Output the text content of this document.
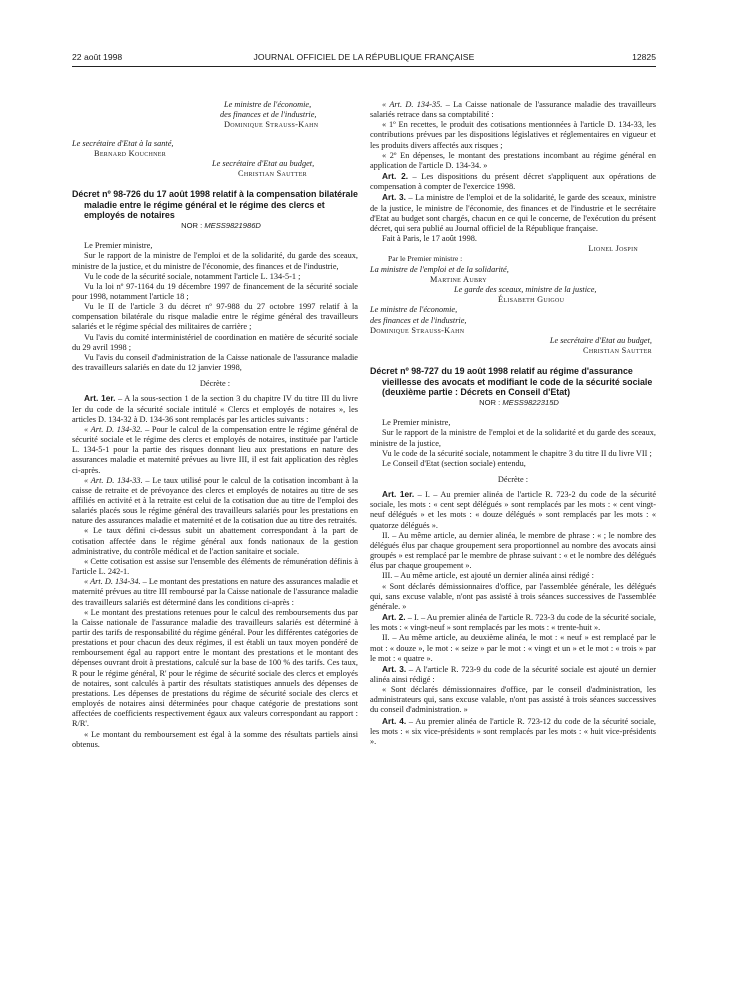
22 août 1998	JOURNAL OFFICIEL DE LA RÉPUBLIQUE FRANÇAISE	12825
Le ministre de l'économie,
des finances et de l'industrie,
Dominique Strauss-Kahn
Le secrétaire d'Etat à la santé,
Bernard Kouchner
Le secrétaire d'Etat au budget,
Christian Sautter
Décret nº 98-726 du 17 août 1998 relatif à la compensation bilatérale maladie entre le régime général et le régime des clercs et employés de notaires
NOR : MESS9821986D
Le Premier ministre,
Sur le rapport de la ministre de l'emploi et de la solidarité, du garde des sceaux, ministre de la justice, et du ministre de l'économie, des finances et de l'industrie,
Vu le code de la sécurité sociale, notamment l'article L. 134-5-1 ;
Vu la loi nº 97-1164 du 19 décembre 1997 de financement de la sécurité sociale pour 1998, notamment l'article 18 ;
Vu le II de l'article 3 du décret nº 97-988 du 27 octobre 1997 relatif à la compensation bilatérale du risque maladie entre le régime général des travailleurs salariés et le régime spécial des militaires de carrière ;
Vu l'avis du comité interministériel de coordination en matière de sécurité sociale du 29 avril 1998 ;
Vu l'avis du conseil d'administration de la Caisse nationale de l'assurance maladie des travailleurs salariés en date du 12 janvier 1998,
Décrète :
Art. 1er. – A la sous-section 1 de la section 3 du chapitre IV du titre III du livre Ier du code de la sécurité sociale intitulé « Clercs et employés de notaires », les articles D. 134-32 à D. 134-36 sont remplacés par les articles suivants :
« Art. D. 134-32. – Pour le calcul de la compensation entre le régime général de sécurité sociale et le régime des clercs et employés de notaires, instituée par l'article L. 134-5-1 pour la partie des risques donnant lieu aux prestations en nature des assurances maladie et maternité prévues au livre III, il est fait application des règles ci-après.
« Art. D. 134-33. – Le taux utilisé pour le calcul de la cotisation incombant à la caisse de retraite et de prévoyance des clercs et employés de notaires au titre de ses affiliés en activité et à la retraite est celui de la cotisation due au titre de l'emploi des salariés placés sous le régime général des travailleurs salariés pour les prestations en nature des assurances maladie et maternité et de la cotisation due au titre des retraités.
« Le taux défini ci-dessus subit un abattement correspondant à la part de cotisation affectée dans le régime général aux fonds nationaux de la gestion administrative, du contrôle médical et de l'action sanitaire et sociale.
« Cette cotisation est assise sur l'ensemble des éléments de rémunération définis à l'article L. 242-1.
« Art. D. 134-34. – Le montant des prestations en nature des assurances maladie et maternité prévues au titre III remboursé par la Caisse nationale de l'assurance maladie des travailleurs salariés est déterminé dans les conditions ci-après :
« Le montant des prestations retenues pour le calcul des remboursements dus par la Caisse nationale de l'assurance maladie des travailleurs salariés est déterminé à partir des tarifs de responsabilité du régime général. Pour les différentes catégories de prestations et pour chacun des deux régimes, il est établi un taux moyen pondéré de remboursement égal au rapport entre le montant des prestations et le montant des dépenses ouvrant droit à prestations, calculé sur la base de 100 % des tarifs. Ces taux, R pour le régime général, R' pour le régime de sécurité sociale des clercs et employés de notaires, sont calculés à partir des résultats statistiques annuels des dépenses de prestations. Les dépenses de prestations du régime de sécurité sociale des clercs et employés de notaires ainsi déterminées pour chaque catégorie de prestations sont affectées de coefficients respectivement égaux aux valeurs correspondant au rapport : R/R'.
« Le montant du remboursement est égal à la somme des résultats partiels ainsi obtenus.
« Art. D. 134-35. – La Caisse nationale de l'assurance maladie des travailleurs salariés retrace dans sa comptabilité :
« 1º En recettes, le produit des cotisations mentionnées à l'article D. 134-33, les contributions prévues par les dispositions législatives et réglementaires en vigueur et les produits divers affectés aux risques ;
« 2º En dépenses, le montant des prestations incombant au régime général en application de l'article D. 134-34. »
Art. 2. – Les dispositions du présent décret s'appliquent aux opérations de compensation à compter de l'exercice 1998.
Art. 3. – La ministre de l'emploi et de la solidarité, le garde des sceaux, ministre de la justice, le ministre de l'économie, des finances et de l'industrie et le secrétaire d'Etat au budget sont chargés, chacun en ce qui le concerne, de l'exécution du présent décret, qui sera publié au Journal officiel de la République française.
Fait à Paris, le 17 août 1998.
Lionel Jospin
Par le Premier ministre :
La ministre de l'emploi et de la solidarité,
Martine Aubry
Le garde des sceaux, ministre de la justice,
Élisabeth Guigou
Le ministre de l'économie,
des finances et de l'industrie,
Dominique Strauss-Kahn
Le secrétaire d'Etat au budget,
Christian Sautter
Décret nº 98-727 du 19 août 1998 relatif au régime d'assurance vieillesse des avocats et modifiant le code de la sécurité sociale (deuxième partie : Décrets en Conseil d'Etat)
NOR : MESS9822315D
Le Premier ministre,
Sur le rapport de la ministre de l'emploi et de la solidarité et du garde des sceaux, ministre de la justice,
Vu le code de la sécurité sociale, notamment le chapitre 3 du titre II du livre VII ;
Le Conseil d'Etat (section sociale) entendu,
Décrète :
Art. 1er. – I. – Au premier alinéa de l'article R. 723-2 du code de la sécurité sociale, les mots : « cent sept délégués » sont remplacés par les mots : « cent vingt-neuf délégués » et les mots : « douze délégués » sont remplacés par les mots : « quatorze délégués ».
II. – Au même article, au dernier alinéa, le membre de phrase : « ; le nombre des délégués élus par chaque groupement sera proportionnel au nombre des avocats ainsi groupés » est remplacé par le membre de phrase suivant : « et le nombre des délégués élus par chaque groupement ».
III. – Au même article, est ajouté un dernier alinéa ainsi rédigé :
« Sont déclarés démissionnaires d'office, par l'assemblée générale, les délégués qui, sans excuse valable, n'ont pas assisté à trois séances successives de l'assemblée générale. »
Art. 2. – I. – Au premier alinéa de l'article R. 723-3 du code de la sécurité sociale, les mots : « vingt-neuf » sont remplacés par les mots : « trente-huit ».
II. – Au même article, au deuxième alinéa, le mot : « neuf » est remplacé par le mot : « douze », le mot : « seize » par le mot : « vingt et un » et le mot : « trois » par le mot : « quatre ».
Art. 3. – A l'article R. 723-9 du code de la sécurité sociale est ajouté un dernier alinéa ainsi rédigé :
« Sont déclarés démissionnaires d'office, par le conseil d'administration, les administrateurs qui, sans excuse valable, n'ont pas assisté à trois séances successives du conseil d'administration. »
Art. 4. – Au premier alinéa de l'article R. 723-12 du code de la sécurité sociale, les mots : « six vice-présidents » sont remplacés par les mots : « huit vice-présidents ».
